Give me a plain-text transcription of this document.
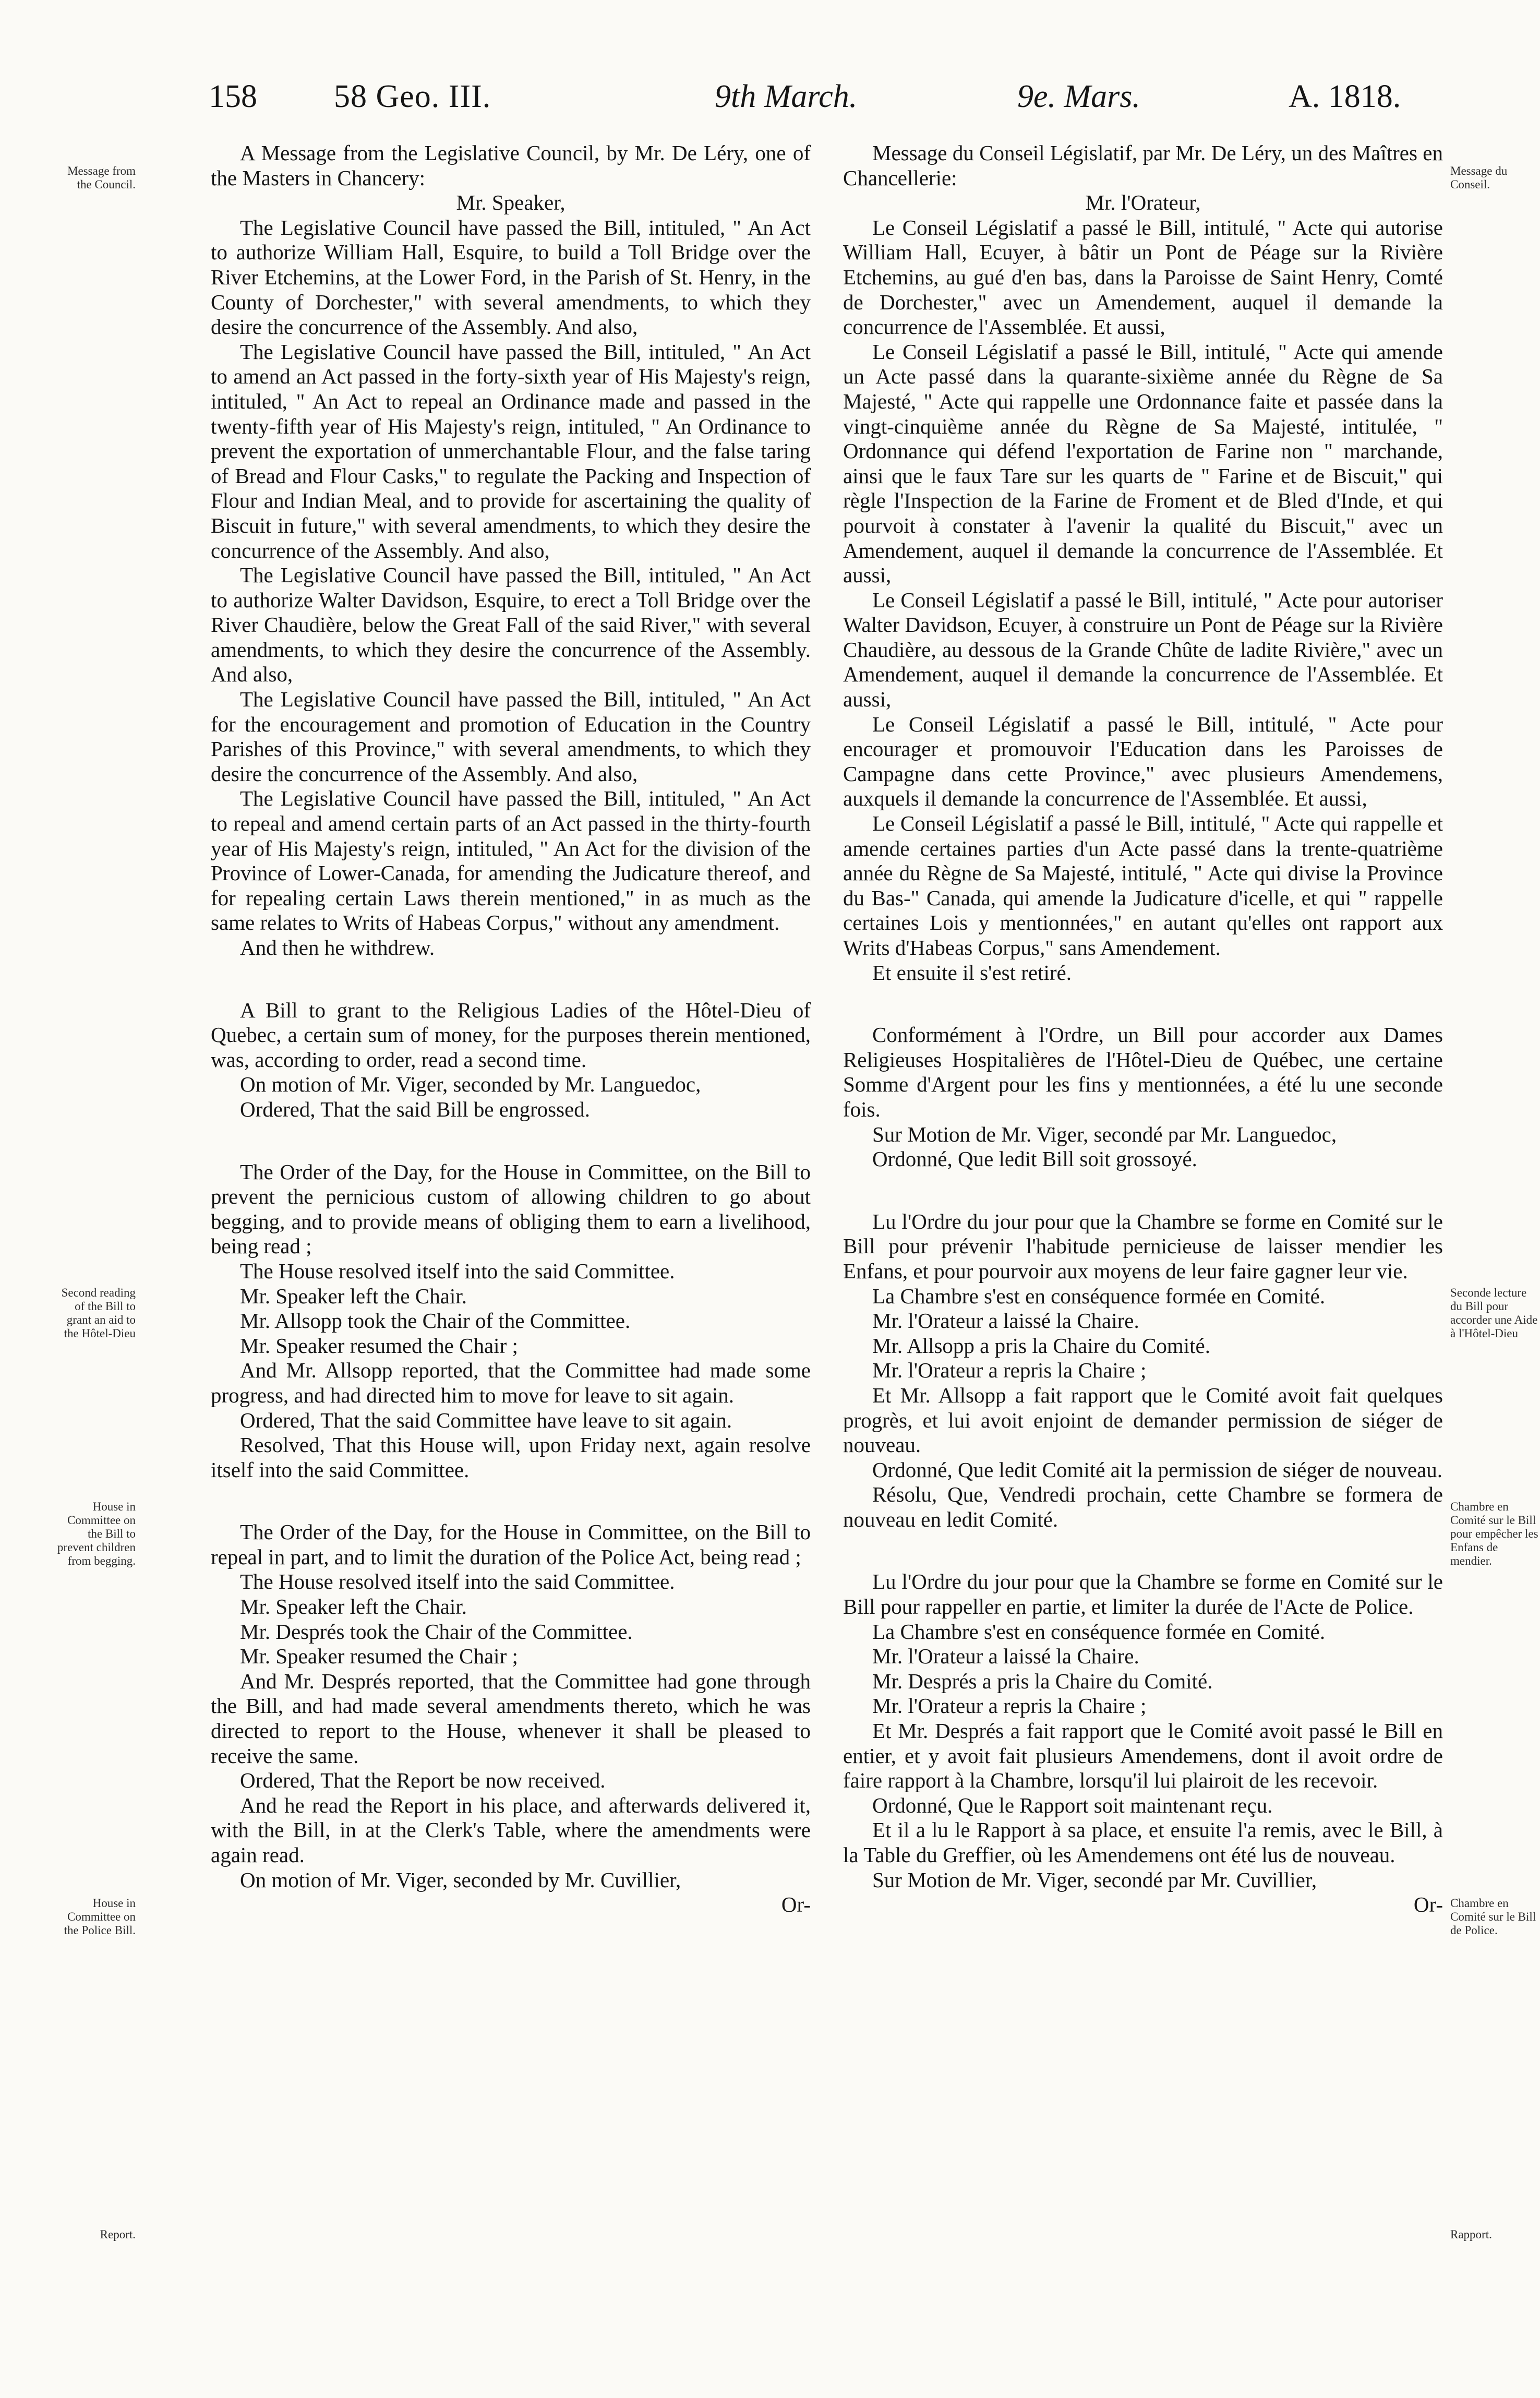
158 58 Geo. III.	9th March.	9e. Mars.	A. 1818.
Message from the Council.
Second reading of the Bill to grant an aid to the Hôtel-Dieu
House in Committee on the Bill to prevent children from begging.
House in Committee on the Police Bill.
Report.
Message du Conseil.
Seconde lecture du Bill pour accorder une Aide à l'Hôtel-Dieu
Chambre en Comité sur le Bill pour empêcher les Enfans de mendier.
Chambre en Comité sur le Bill de Police.
Rapport.

A Message from the Legislative Council, by Mr. De Léry, one of the Masters in Chancery:

Mr. Speaker,

The Legislative Council have passed the Bill, intituled, " An Act to authorize William Hall, Esquire, to build a Toll Bridge over the River Etchemins, at the Lower Ford, in the Parish of St. Henry, in the County of Dorchester," with several amendments, to which they desire the concurrence of the Assembly. And also,

The Legislative Council have passed the Bill, intituled, " An Act to amend an Act passed in the forty-sixth year of His Majesty's reign, intituled, " An Act to repeal an Ordinance made and passed in the twenty-fifth year of His Majesty's reign, intituled, " An Ordinance to prevent the exportation of unmerchantable Flour, and the false taring of Bread and Flour Casks," to regulate the Packing and Inspection of Flour and Indian Meal, and to provide for ascertaining the quality of Biscuit in future," with several amendments, to which they desire the concurrence of the Assembly. And also,

The Legislative Council have passed the Bill, intituled, " An Act to authorize Walter Davidson, Esquire, to erect a Toll Bridge over the River Chaudière, below the Great Fall of the said River," with several amendments, to which they desire the concurrence of the Assembly. And also,

The Legislative Council have passed the Bill, intituled, " An Act for the encouragement and promotion of Education in the Country Parishes of this Province," with several amendments, to which they desire the concurrence of the Assembly. And also,

The Legislative Council have passed the Bill, intituled, " An Act to repeal and amend certain parts of an Act passed in the thirty-fourth year of His Majesty's reign, intituled, " An Act for the division of the Province of Lower-Canada, for amending the Judicature thereof, and for repealing certain Laws therein mentioned," in as much as the same relates to Writs of Habeas Corpus," without any amendment.

And then he withdrew.

A Bill to grant to the Religious Ladies of the Hôtel-Dieu of Quebec, a certain sum of money, for the purposes therein mentioned, was, according to order, read a second time.

On motion of Mr. Viger, seconded by Mr. Languedoc,

Ordered, That the said Bill be engrossed.

The Order of the Day, for the House in Committee, on the Bill to prevent the pernicious custom of allowing children to go about begging, and to provide means of obliging them to earn a livelihood, being read ;

The House resolved itself into the said Committee.

Mr. Speaker left the Chair.

Mr. Allsopp took the Chair of the Committee.

Mr. Speaker resumed the Chair ;

And Mr. Allsopp reported, that the Committee had made some progress, and had directed him to move for leave to sit again.

Ordered, That the said Committee have leave to sit again.

Resolved, That this House will, upon Friday next, again resolve itself into the said Committee.

The Order of the Day, for the House in Committee, on the Bill to repeal in part, and to limit the duration of the Police Act, being read ;

The House resolved itself into the said Committee.

Mr. Speaker left the Chair.

Mr. Després took the Chair of the Committee.

Mr. Speaker resumed the Chair ;

And Mr. Després reported, that the Committee had gone through the Bill, and had made several amendments thereto, which he was directed to report to the House, whenever it shall be pleased to receive the same.

Ordered, That the Report be now received.

And he read the Report in his place, and afterwards delivered it, with the Bill, in at the Clerk's Table, where the amendments were again read.

On motion of Mr. Viger, seconded by Mr. Cuvillier,

Or-

Message du Conseil Législatif, par Mr. De Léry, un des Maîtres en Chancellerie:

Mr. l'Orateur,

Le Conseil Législatif a passé le Bill, intitulé, " Acte qui autorise William Hall, Ecuyer, à bâtir un Pont de Péage sur la Rivière Etchemins, au gué d'en bas, dans la Paroisse de Saint Henry, Comté de Dorchester," avec un Amendement, auquel il demande la concurrence de l'Assemblée. Et aussi,

Le Conseil Législatif a passé le Bill, intitulé, " Acte qui amende un Acte passé dans la quarante-sixième année du Règne de Sa Majesté, " Acte qui rappelle une Ordonnance faite et passée dans la vingt-cinquième année du Règne de Sa Majesté, intitulée, " Ordonnance qui défend l'exportation de Farine non " marchande, ainsi que le faux Tare sur les quarts de " Farine et de Biscuit," qui règle l'Inspection de la Farine de Froment et de Bled d'Inde, et qui pourvoit à constater à l'avenir la qualité du Biscuit," avec un Amendement, auquel il demande la concurrence de l'Assemblée. Et aussi,

Le Conseil Législatif a passé le Bill, intitulé, " Acte pour autoriser Walter Davidson, Ecuyer, à construire un Pont de Péage sur la Rivière Chaudière, au dessous de la Grande Chûte de ladite Rivière," avec un Amendement, auquel il demande la concurrence de l'Assemblée. Et aussi,

Le Conseil Législatif a passé le Bill, intitulé, " Acte pour encourager et promouvoir l'Education dans les Paroisses de Campagne dans cette Province," avec plusieurs Amendemens, auxquels il demande la concurrence de l'Assemblée. Et aussi,

Le Conseil Législatif a passé le Bill, intitulé, " Acte qui rappelle et amende certaines parties d'un Acte passé dans la trente-quatrième année du Règne de Sa Majesté, intitulé, " Acte qui divise la Province du Bas-" Canada, qui amende la Judicature d'icelle, et qui " rappelle certaines Lois y mentionnées," en autant qu'elles ont rapport aux Writs d'Habeas Corpus," sans Amendement.

Et ensuite il s'est retiré.

Conformément à l'Ordre, un Bill pour accorder aux Dames Religieuses Hospitalières de l'Hôtel-Dieu de Québec, une certaine Somme d'Argent pour les fins y mentionnées, a été lu une seconde fois.

Sur Motion de Mr. Viger, secondé par Mr. Languedoc,

Ordonné, Que ledit Bill soit grossoyé.

Lu l'Ordre du jour pour que la Chambre se forme en Comité sur le Bill pour prévenir l'habitude pernicieuse de laisser mendier les Enfans, et pour pourvoir aux moyens de leur faire gagner leur vie.

La Chambre s'est en conséquence formée en Comité.

Mr. l'Orateur a laissé la Chaire.

Mr. Allsopp a pris la Chaire du Comité.

Mr. l'Orateur a repris la Chaire ;

Et Mr. Allsopp a fait rapport que le Comité avoit fait quelques progrès, et lui avoit enjoint de demander permission de siéger de nouveau.

Ordonné, Que ledit Comité ait la permission de siéger de nouveau.

Résolu, Que, Vendredi prochain, cette Chambre se formera de nouveau en ledit Comité.

Lu l'Ordre du jour pour que la Chambre se forme en Comité sur le Bill pour rappeller en partie, et limiter la durée de l'Acte de Police.

La Chambre s'est en conséquence formée en Comité.

Mr. l'Orateur a laissé la Chaire.

Mr. Després a pris la Chaire du Comité.

Mr. l'Orateur a repris la Chaire ;

Et Mr. Després a fait rapport que le Comité avoit passé le Bill en entier, et y avoit fait plusieurs Amendemens, dont il avoit ordre de faire rapport à la Chambre, lorsqu'il lui plairoit de les recevoir.

Ordonné, Que le Rapport soit maintenant reçu.

Et il a lu le Rapport à sa place, et ensuite l'a remis, avec le Bill, à la Table du Greffier, où les Amendemens ont été lus de nouveau.

Sur Motion de Mr. Viger, secondé par Mr. Cuvillier,

Or-
